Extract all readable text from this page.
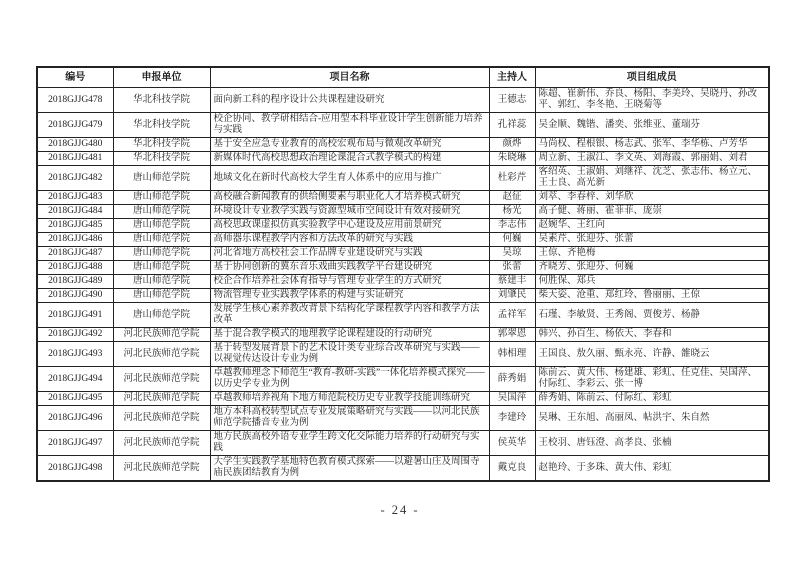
编号	申报单位	项目名称	主持人	项目组成员
2018GJJG478	华北科技学院	面向新工科的程序设计公共课程建设研究	王德志	陈超、崔新伟、乔良、杨阳、李美玲、吴晓丹、孙改平、郭红、李冬艳、王晓菊等
2018GJJG479	华北科技学院	校企协同、教学研相结合-应用型本科毕业设计学生创新能力培养与实践	孔祥蕊	吴金顺、魏锴、潘奕、张维亚、董瑞芬
2018GJJG480	华北科技学院	基于安全应急专业教育的高校宏观布局与微观改革研究	颜烨	马尚权、程根银、杨志武、张军、李华栋、卢芳华
2018GJJG481	华北科技学院	新媒体时代高校思想政治理论课混合式教学模式的构建	朱晓琳	周立新、王淑江、李文英、刘海霞、郭丽娟、刘君
2018GJJG482	唐山师范学院	地域文化在新时代高校大学生育人体系中的应用与推广	杜彩芹	客绍英、王淑娟、刘继祥、沈芝、张志伟、杨立元、王士良、高光新
2018GJJG483	唐山师范学院	高校融合新闻教育的供给侧要素与职业化人才培养模式研究	赵征	刘萃、李春梓、刘华欣
2018GJJG484	唐山师范学院	环境设计专业教学实践与资源型城市空间设计有效对接研究	杨光	高子健、蒋丽、霍菲菲、庞崇
2018GJJG485	唐山师范学院	高校思政课虚拟仿真实验教学中心建设及应用前景研究	李志伟	赵婉华、王红向
2018GJJG486	唐山师范学院	高师器乐课程教学内容和方法改革的研究与实践	何巍	吴素芹、张迎芬、张蕾
2018GJJG487	唐山师范学院	河北省地方高校社会工作品牌专业建设研究与实践	吴琼	王倞、齐艳梅
2018GJJG488	唐山师范学院	基于协同创新的冀东音乐戏曲实践教学平台建设研究	张蕾	齐晓芳、张迎芬、何巍
2018GJJG489	唐山师范学院	校企合作培养社会体育指导与管理专业学生的方式研究	蔡建丰	何胜保、郑兵
2018GJJG490	唐山师范学院	物流管理专业实践教学体系的构建与实证研究	刘肇民	柴天姿、沧重、郑红玲、鲁丽丽、王倞
2018GJJG491	唐山师范学院	发展学生核心素养教改背景下结构化学课程教学内容和教学方法改革	孟祥军	石瑾、李敏贤、王秀阁、贾俊芳、杨静
2018GJJG492	河北民族师范学院	基于混合教学模式的地理教学论课程建设的行动研究	郭翠恩	韩兴、孙百生、杨依天、李春和
2018GJJG493	河北民族师范学院	基于转型发展背景下的艺术设计类专业综合改革研究与实践——以视觉传达设计专业为例	韩相理	王国良、敖久丽、甄永亮、许静、雒晓云
2018GJJG494	河北民族师范学院	卓越教师理念下师范生“教育-教研-实践”一体化培养模式探究——以历史学专业为例	薛秀娟	陈前云、黄大伟、杨建雄、彩虹、任克佳、吴国萍、付际红、李彩云、张一博
2018GJJG495	河北民族师范学院	卓越教师培养视角下地方师范院校历史专业教学技能训练研究	吴国萍	薛秀娟、陈前云、付际红、彩虹
2018GJJG496	河北民族师范学院	地方本科高校转型试点专业发展策略研究与实践——以河北民族师范学院播音专业为例	李建玲	吴琳、王东旭、高丽凤、帖洪宇、朱自然
2018GJJG497	河北民族师范学院	地方民族高校外语专业学生跨文化交际能力培养的行动研究与实践	侯英华	王校羽、唐钰澄、高孝良、张楠
2018GJJG498	河北民族师范学院	大学生实践教学基地特色教育模式探索——以避暑山庄及周围寺庙民族团结教育为例	戴克良	赵艳玲、于多珠、黄大伟、彩虹
- 24 -
